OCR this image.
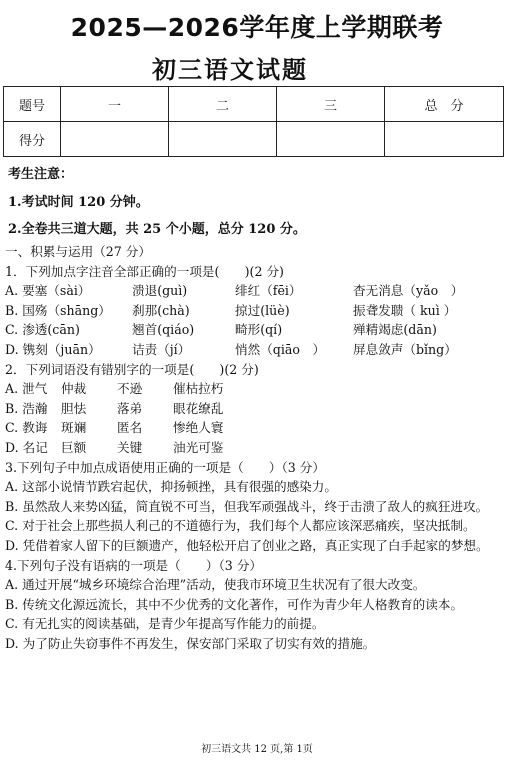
2025—2026学年度上学期联考
初三语文试题
题号	一	二	三	总　分
得分				
考生注意：
1.考试时间 120 分钟。
2.全卷共三道大题，共 25 个小题，总分 120 分。
一、积累与运用（27 分）
1．下列加点字注音全部正确的一项是(　　)(2 分)
A. 要塞（sài）	溃退(guì)	绯红（fēi）	杳无消息（yǎo　）
B. 国殇（shāng）	刹那(chà)	掠过(lüè)	振聋发聩（ kuì ）
C. 渗透(cān)	翘首(qiáo)	畸形(qí)	殚精竭虑(dān)
D. 镌刻（juān）	诘责（jí）	悄然（qiāo　）	屏息敛声（bǐng）
2．下列词语没有错别字的一项是(　　)(2 分)
A. 泄气	仲裁	不逊	催枯拉朽
B. 浩瀚	胆怯	落弟	眼花缭乱
C. 教诲	斑斓	匿名	惨绝人寰
D. 名记	巨额	关键	油光可鉴
3.下列句子中加点成语使用正确的一项是（　　）（3 分）
A. 这部小说情节跌宕起伏，抑扬顿挫，具有很强的感染力。
B. 虽然敌人来势凶猛，简直锐不可当，但我军顽强战斗，终于击溃了敌人的疯狂进攻。
C. 对于社会上那些损人利己的不道德行为，我们每个人都应该深恶痛疾，坚决抵制。
D. 凭借着家人留下的巨额遗产，他轻松开启了创业之路，真正实现了白手起家的梦想。
4.下列句子没有语病的一项是（　　）（3 分）
A. 通过开展“城乡环境综合治理”活动，使我市环境卫生状况有了很大改变。
B. 传统文化源远流长，其中不少优秀的文化著作，可作为青少年人格教育的读本。
C. 有无扎实的阅读基础，是青少年提高写作能力的前提。
D. 为了防止失窃事件不再发生，保安部门采取了切实有效的措施。
初三语文共 12 页,第 1页
